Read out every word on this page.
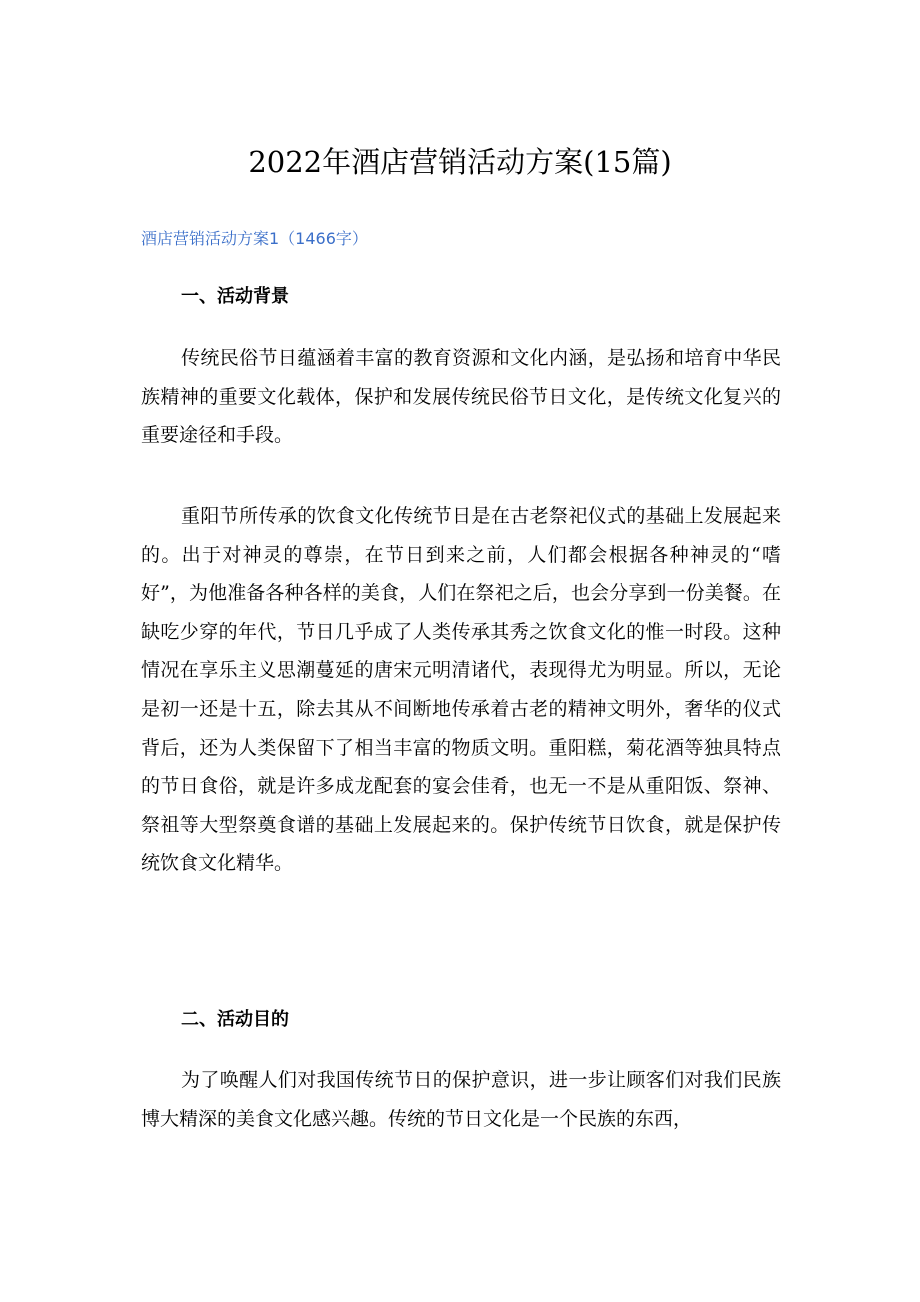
2022年酒店营销活动方案(15篇)
酒店营销活动方案1（1466字）
一、活动背景
传统民俗节日蕴涵着丰富的教育资源和文化内涵，是弘扬和培育中华民族精神的重要文化载体，保护和发展传统民俗节日文化，是传统文化复兴的重要途径和手段。
重阳节所传承的饮食文化传统节日是在古老祭祀仪式的基础上发展起来的。出于对神灵的尊崇，在节日到来之前，人们都会根据各种神灵的“嗜好”，为他准备各种各样的美食，人们在祭祀之后，也会分享到一份美餐。在缺吃少穿的年代，节日几乎成了人类传承其秀之饮食文化的惟一时段。这种情况在享乐主义思潮蔓延的唐宋元明清诸代，表现得尤为明显。所以，无论是初一还是十五，除去其从不间断地传承着古老的精神文明外，奢华的仪式背后，还为人类保留下了相当丰富的物质文明。重阳糕，菊花酒等独具特点的节日食俗，就是许多成龙配套的宴会佳肴，也无一不是从重阳饭、祭神、祭祖等大型祭奠食谱的基础上发展起来的。保护传统节日饮食，就是保护传统饮食文化精华。
二、活动目的
为了唤醒人们对我国传统节日的保护意识，进一步让顾客们对我们民族博大精深的美食文化感兴趣。传统的节日文化是一个民族的东西，
